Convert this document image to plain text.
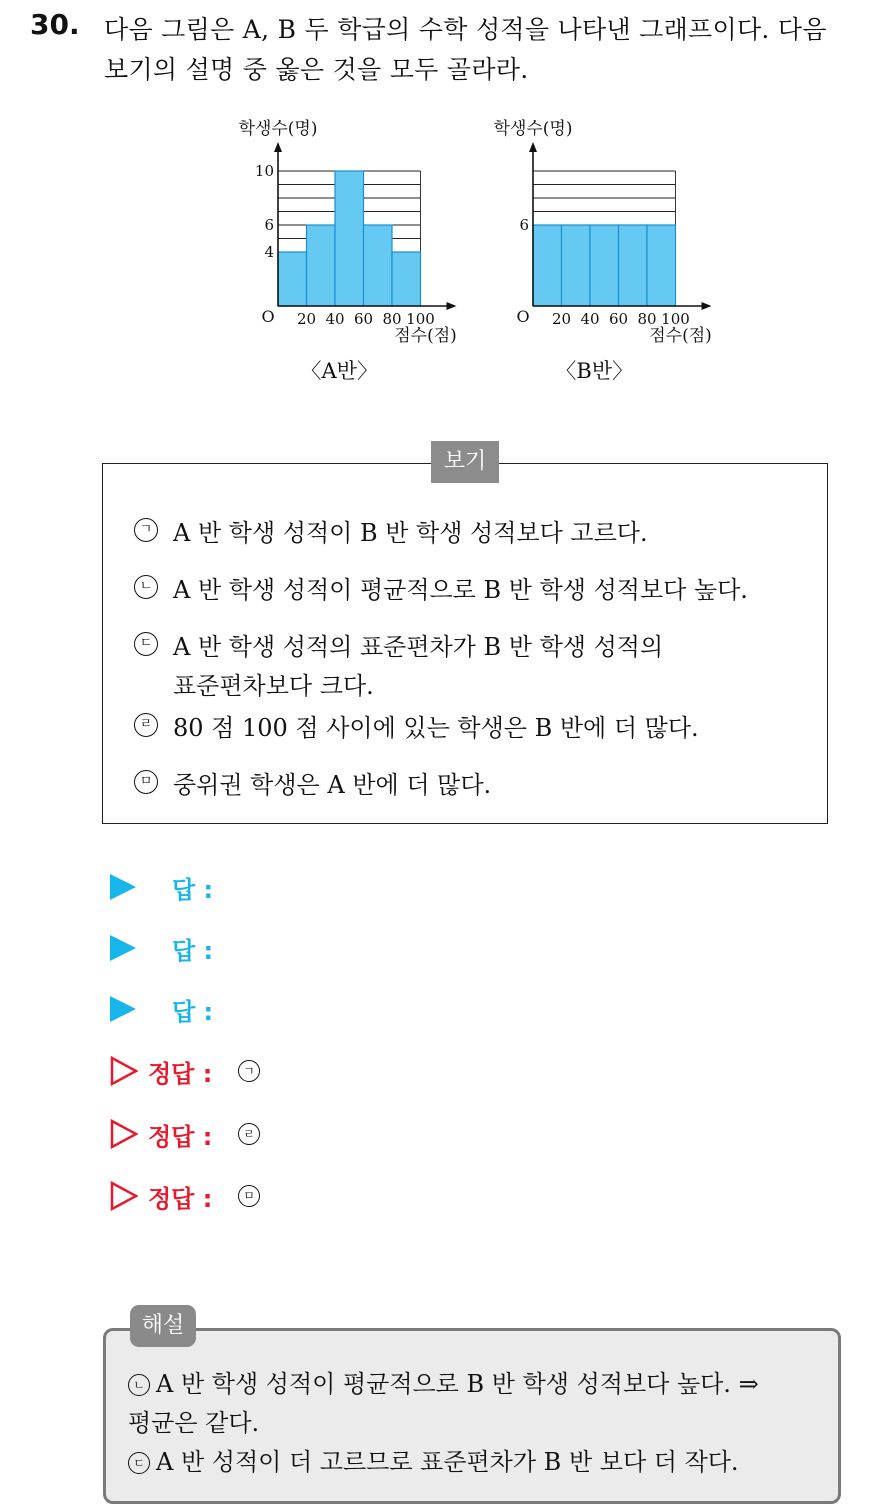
30. 다음 그림은 A, B 두 학급의 수학 성적을 나타낸 그래프이다. 다음
보기의 설명 중 옳은 것을 모두 골라라.
학생수(명)
4
6
10
O 20 40 60 80 100
점수(점)
〈A반〉
학생수(명)
6
O 20 40 60 80 100
점수(점)
〈B반〉
보기
ㄱ A 반 학생 성적이 B 반 학생 성적보다 고르다.
ㄴ A 반 학생 성적이 평균적으로 B 반 학생 성적보다 높다.
ㄷ A 반 학생 성적의 표준편차가 B 반 학생 성적의
표준편차보다 크다.
ㄹ 80 점 100 점 사이에 있는 학생은 B 반에 더 많다.
ㅁ 중위권 학생은 A 반에 더 많다.
답 :
답 :
답 :
정답 :	ㄱ
정답 :	ㄹ
정답 :	ㅁ
해설
ㄴ A 반 학생 성적이 평균적으로 B 반 학생 성적보다 높다. ⇒
평균은 같다.
ㄷ A 반 성적이 더 고르므로 표준편차가 B 반 보다 더 작다.
